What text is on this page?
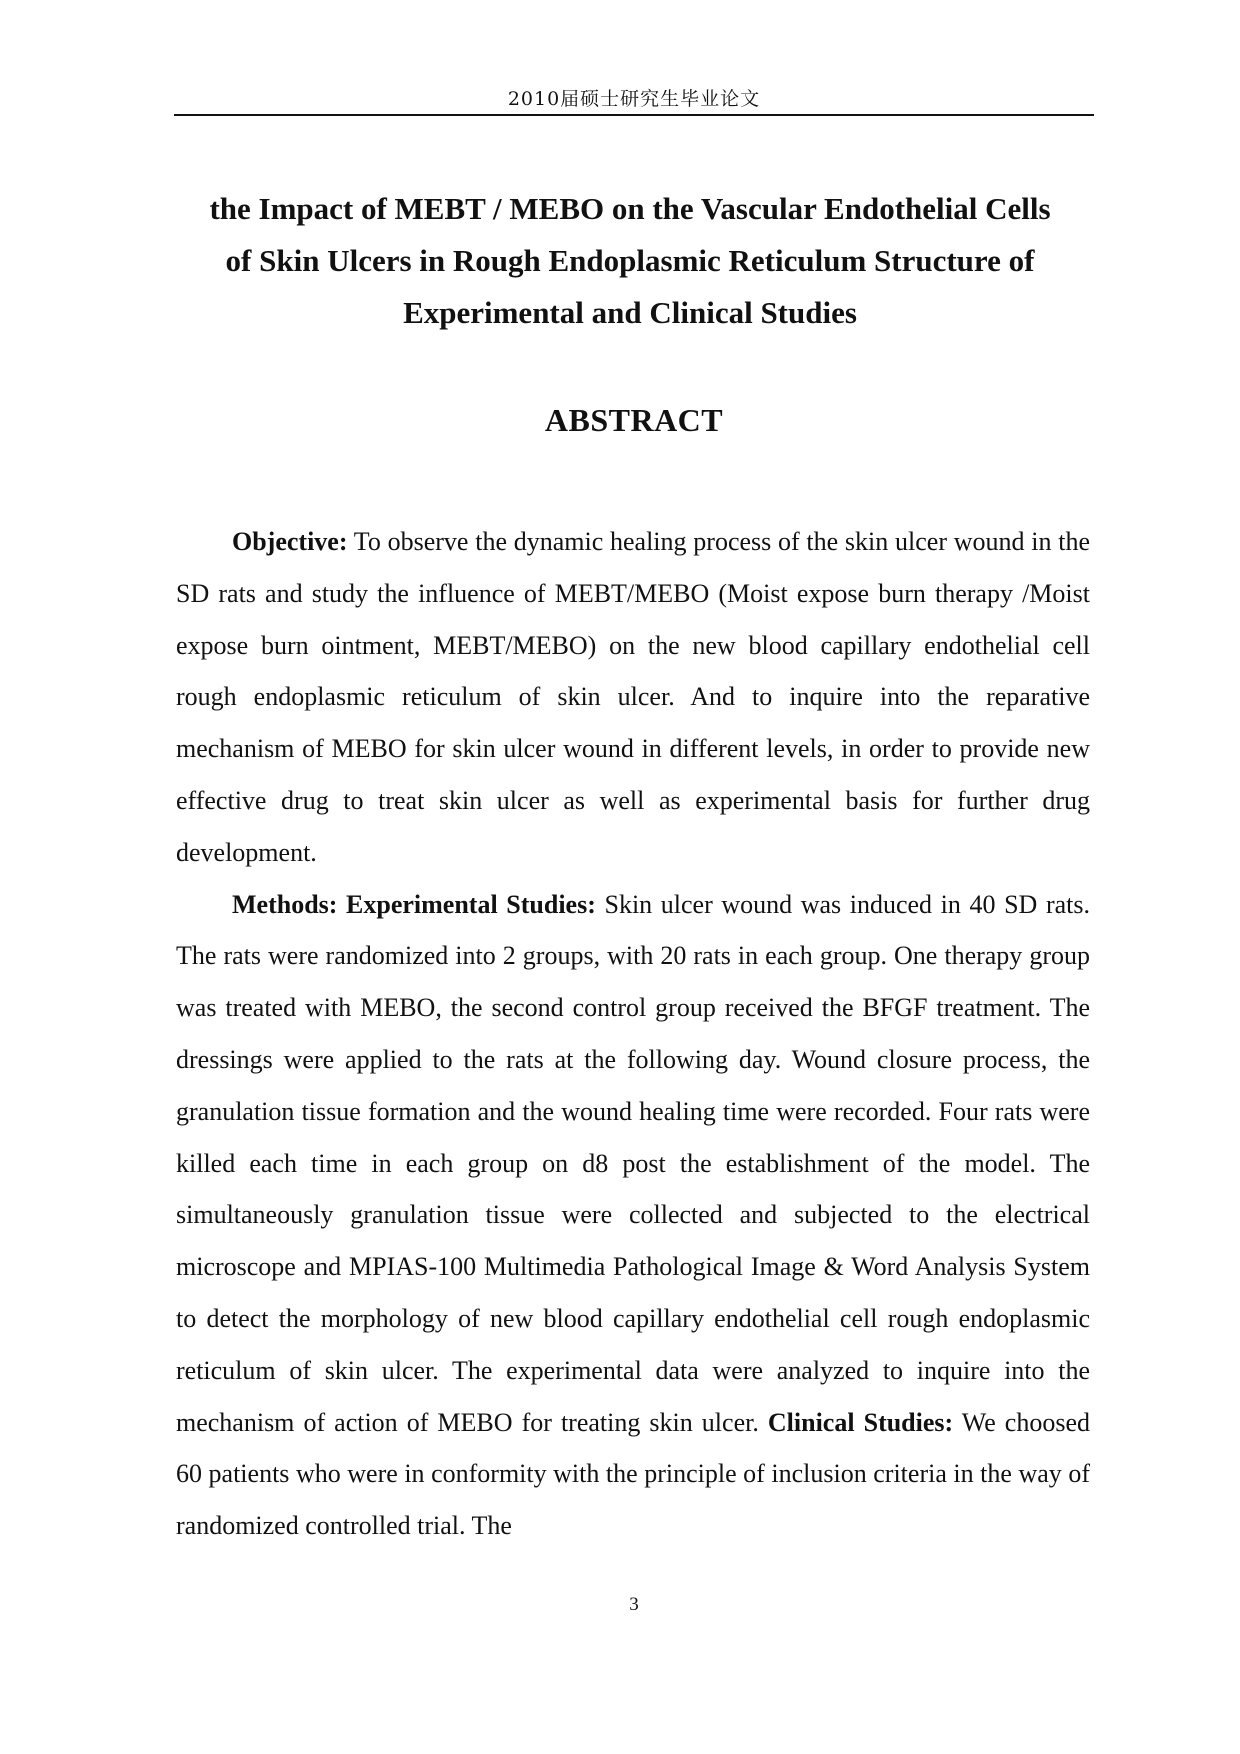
2010届硕士研究生毕业论文
the Impact of MEBT / MEBO on the Vascular Endothelial Cells
of Skin Ulcers in Rough Endoplasmic Reticulum Structure of
Experimental and Clinical Studies
ABSTRACT

Objective: To observe the dynamic healing process of the skin ulcer wound in the SD rats and study the influence of MEBT/MEBO (Moist expose burn therapy /Moist expose burn ointment, MEBT/MEBO) on the new blood capillary endothelial cell rough endoplasmic reticulum of skin ulcer. And to inquire into the reparative mechanism of MEBO for skin ulcer wound in different levels, in order to provide new effective drug to treat skin ulcer as well as experimental basis for further drug development.

Methods: Experimental Studies: Skin ulcer wound was induced in 40 SD rats. The rats were randomized into 2 groups, with 20 rats in each group. One therapy group was treated with MEBO, the second control group received the BFGF treatment. The dressings were applied to the rats at the following day. Wound closure process, the granulation tissue formation and the wound healing time were recorded. Four rats were killed each time in each group on d8 post the establishment of the model. The simultaneously granulation tissue were collected and subjected to the electrical microscope and MPIAS-100 Multimedia Pathological Image & Word Analysis System to detect the morphology of new blood capillary endothelial cell rough endoplasmic reticulum of skin ulcer. The experimental data were analyzed to inquire into the mechanism of action of MEBO for treating skin ulcer. Clinical Studies: We choosed 60 patients who were in conformity with the principle of inclusion criteria in the way of randomized controlled trial. The

3
